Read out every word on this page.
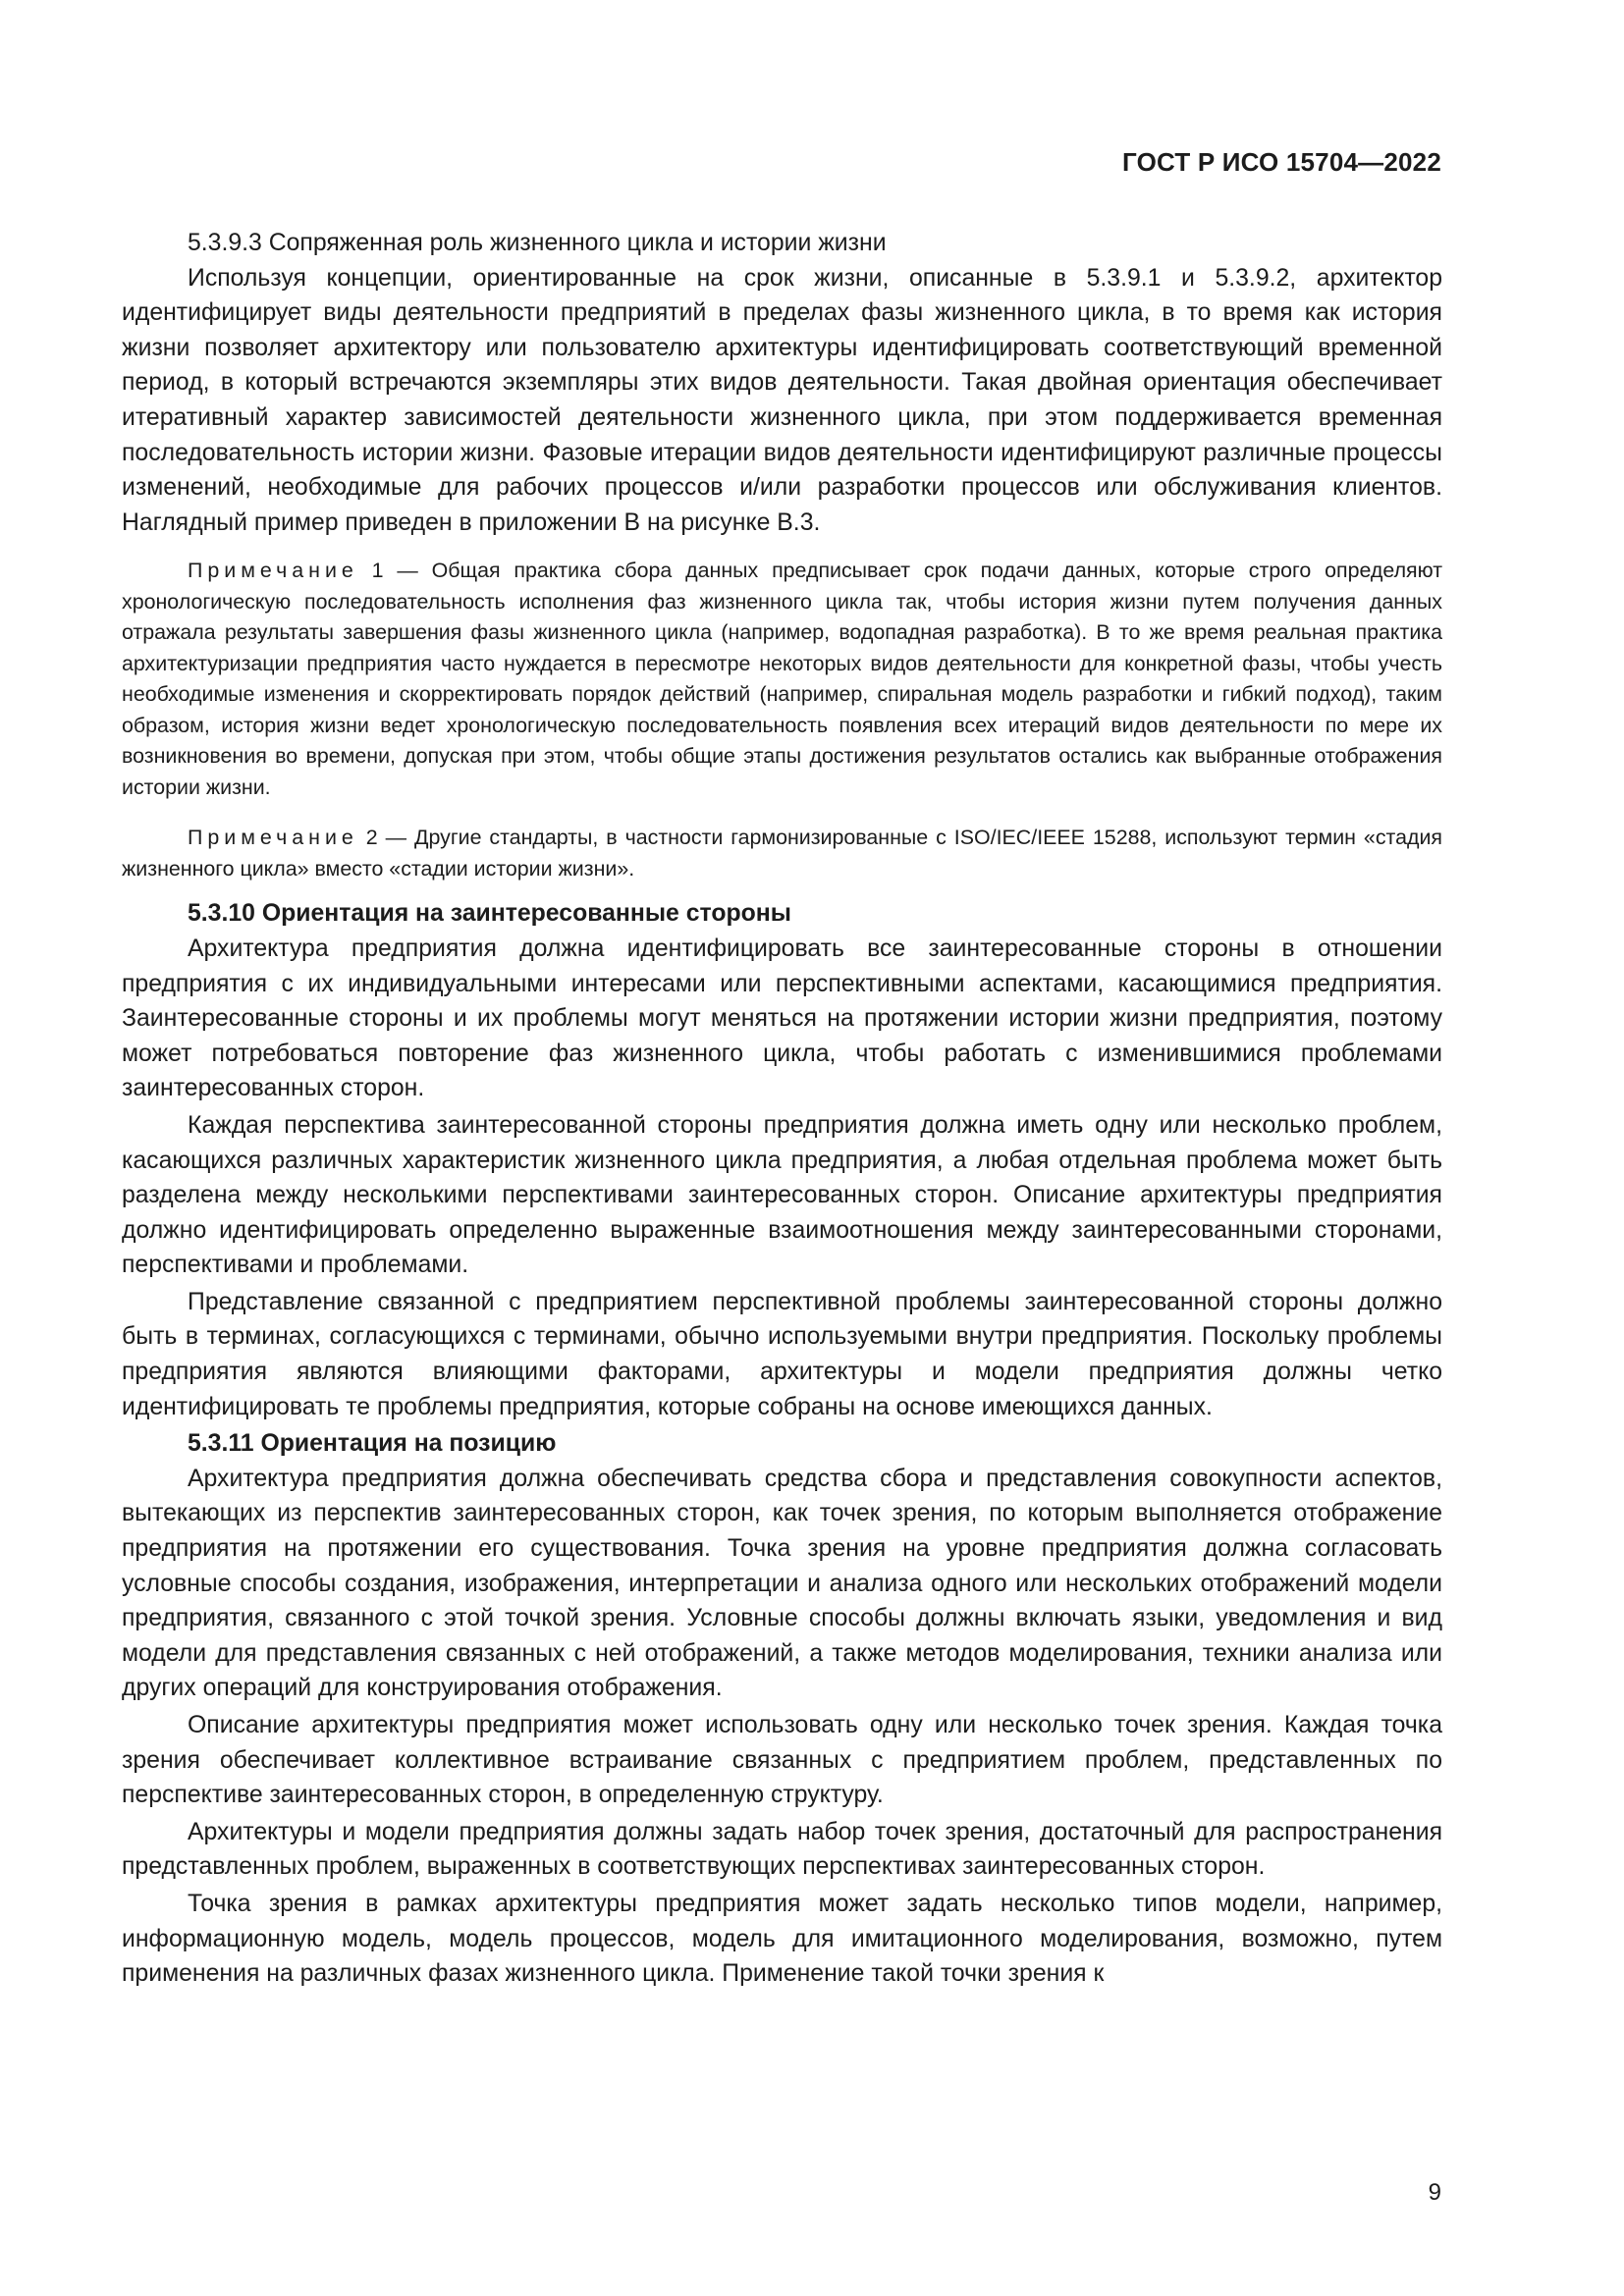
ГОСТ Р ИСО 15704—2022

5.3.9.3 Сопряженная роль жизненного цикла и истории жизни

Используя концепции, ориентированные на срок жизни, описанные в 5.3.9.1 и 5.3.9.2, архитектор идентифицирует виды деятельности предприятий в пределах фазы жизненного цикла, в то время как история жизни позволяет архитектору или пользователю архитектуры идентифицировать соответствующий временной период, в который встречаются экземпляры этих видов деятельности. Такая двойная ориентация обеспечивает итеративный характер зависимостей деятельности жизненного цикла, при этом поддерживается временная последовательность истории жизни. Фазовые итерации видов деятельности идентифицируют различные процессы изменений, необходимые для рабочих процессов и/или разработки процессов или обслуживания клиентов. Наглядный пример приведен в приложении В на рисунке В.3.

Примечание 1 — Общая практика сбора данных предписывает срок подачи данных, которые строго определяют хронологическую последовательность исполнения фаз жизненного цикла так, чтобы история жизни путем получения данных отражала результаты завершения фазы жизненного цикла (например, водопадная разработка). В то же время реальная практика архитектуризации предприятия часто нуждается в пересмотре некоторых видов деятельности для конкретной фазы, чтобы учесть необходимые изменения и скорректировать порядок действий (например, спиральная модель разработки и гибкий подход), таким образом, история жизни ведет хронологическую последовательность появления всех итераций видов деятельности по мере их возникновения во времени, допуская при этом, чтобы общие этапы достижения результатов остались как выбранные отображения истории жизни.

Примечание 2 — Другие стандарты, в частности гармонизированные с ISO/IEC/IEEE 15288, используют термин «стадия жизненного цикла» вместо «стадии истории жизни».

5.3.10 Ориентация на заинтересованные стороны

Архитектура предприятия должна идентифицировать все заинтересованные стороны в отношении предприятия с их индивидуальными интересами или перспективными аспектами, касающимися предприятия. Заинтересованные стороны и их проблемы могут меняться на протяжении истории жизни предприятия, поэтому может потребоваться повторение фаз жизненного цикла, чтобы работать с изменившимися проблемами заинтересованных сторон.

Каждая перспектива заинтересованной стороны предприятия должна иметь одну или несколько проблем, касающихся различных характеристик жизненного цикла предприятия, а любая отдельная проблема может быть разделена между несколькими перспективами заинтересованных сторон. Описание архитектуры предприятия должно идентифицировать определенно выраженные взаимоотношения между заинтересованными сторонами, перспективами и проблемами.

Представление связанной с предприятием перспективной проблемы заинтересованной стороны должно быть в терминах, согласующихся с терминами, обычно используемыми внутри предприятия. Поскольку проблемы предприятия являются влияющими факторами, архитектуры и модели предприятия должны четко идентифицировать те проблемы предприятия, которые собраны на основе имеющихся данных.

5.3.11 Ориентация на позицию

Архитектура предприятия должна обеспечивать средства сбора и представления совокупности аспектов, вытекающих из перспектив заинтересованных сторон, как точек зрения, по которым выполняется отображение предприятия на протяжении его существования. Точка зрения на уровне предприятия должна согласовать условные способы создания, изображения, интерпретации и анализа одного или нескольких отображений модели предприятия, связанного с этой точкой зрения. Условные способы должны включать языки, уведомления и вид модели для представления связанных с ней отображений, а также методов моделирования, техники анализа или других операций для конструирования отображения.

Описание архитектуры предприятия может использовать одну или несколько точек зрения. Каждая точка зрения обеспечивает коллективное встраивание связанных с предприятием проблем, представленных по перспективе заинтересованных сторон, в определенную структуру.

Архитектуры и модели предприятия должны задать набор точек зрения, достаточный для распространения представленных проблем, выраженных в соответствующих перспективах заинтересованных сторон.

Точка зрения в рамках архитектуры предприятия может задать несколько типов модели, например, информационную модель, модель процессов, модель для имитационного моделирования, возможно, путем применения на различных фазах жизненного цикла. Применение такой точки зрения к

9
